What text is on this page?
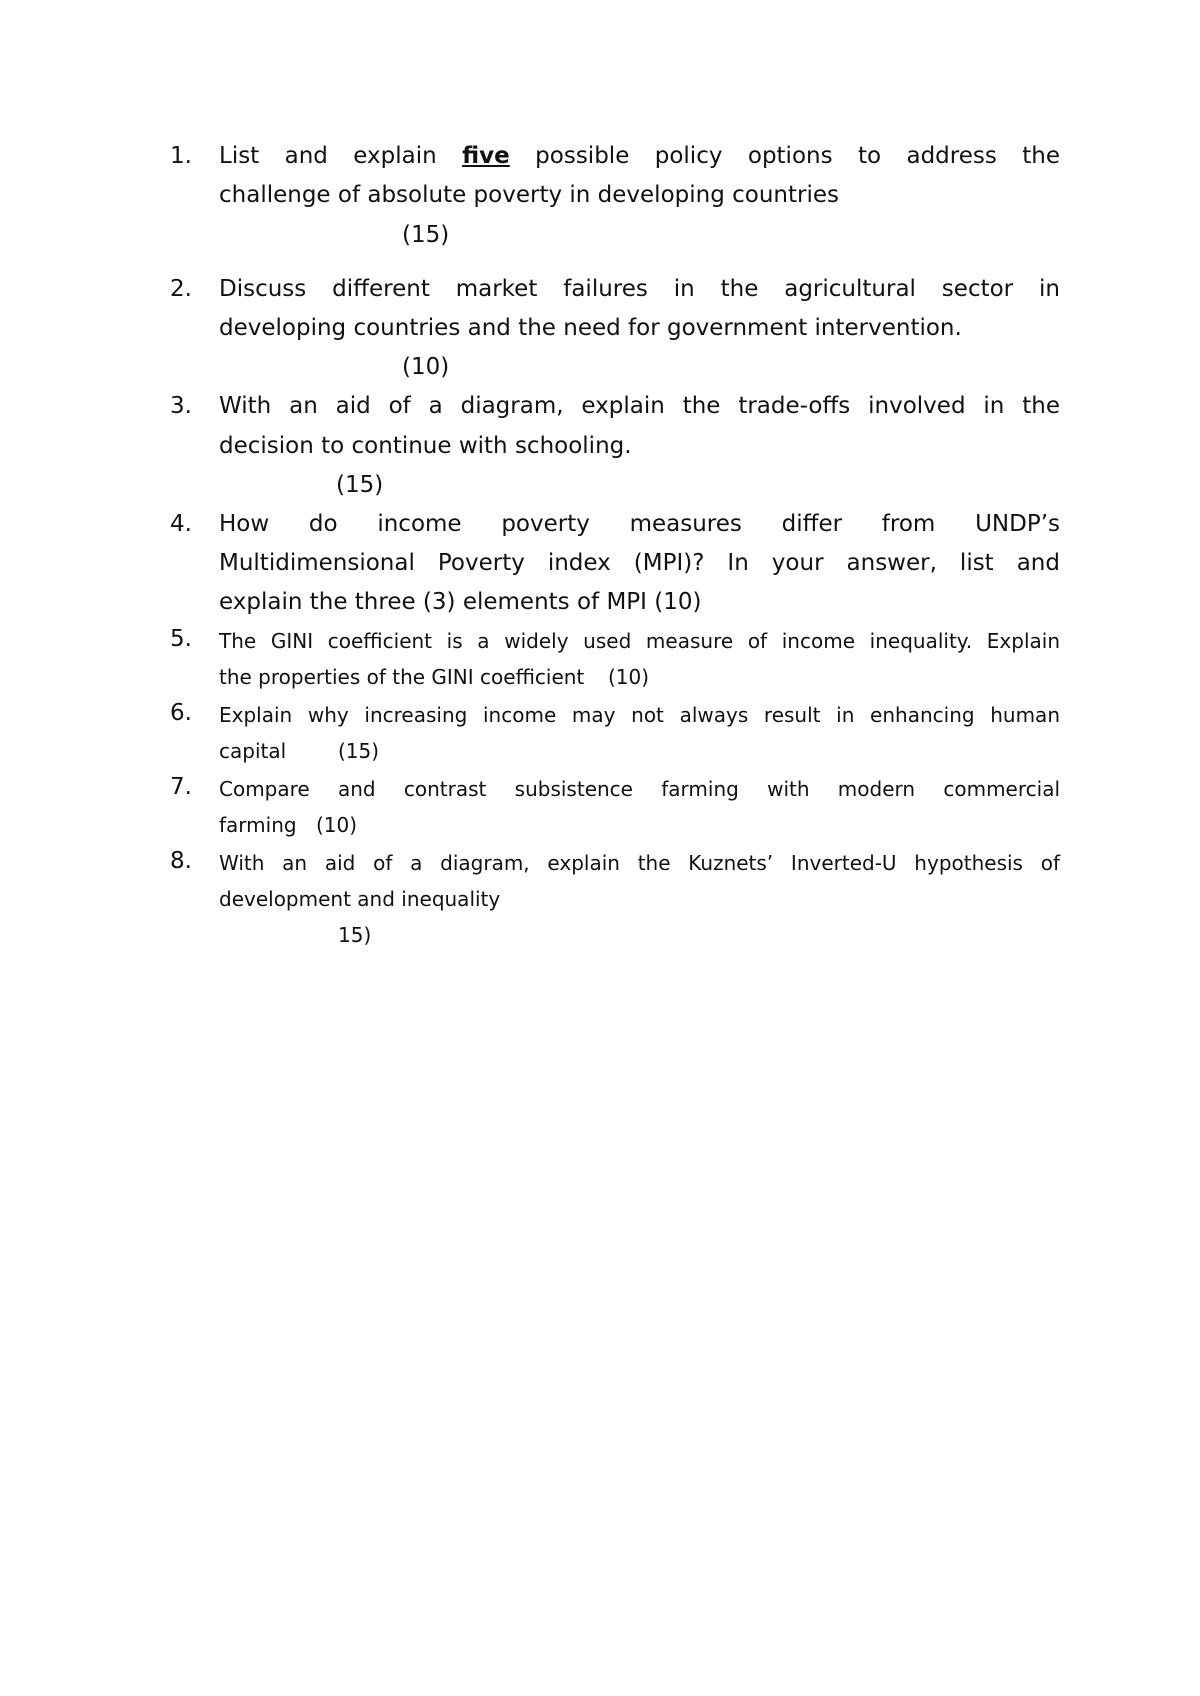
1.	List and explain five possible policy options to address the
challenge of absolute poverty in developing countries
(15)
2.	Discuss different market failures in the agricultural sector in
developing countries and the need for government intervention.
(10)
3.	With an aid of a diagram, explain the trade-offs involved in the
decision to continue with schooling.
(15)
4.	How do income poverty measures differ from UNDP’s
Multidimensional Poverty index (MPI)? In your answer, list and
explain the three (3) elements of MPI (10)
5.	The GINI coefficient is a widely used measure of income inequality. Explain
the properties of the GINI coefficient (10)
6.	Explain why increasing income may not always result in enhancing human
capital	(15)
7.	Compare and contrast subsistence farming with modern commercial
farming (10)
8.	With an aid of a diagram, explain the Kuznets’ Inverted-U hypothesis of
development and inequality
15)
